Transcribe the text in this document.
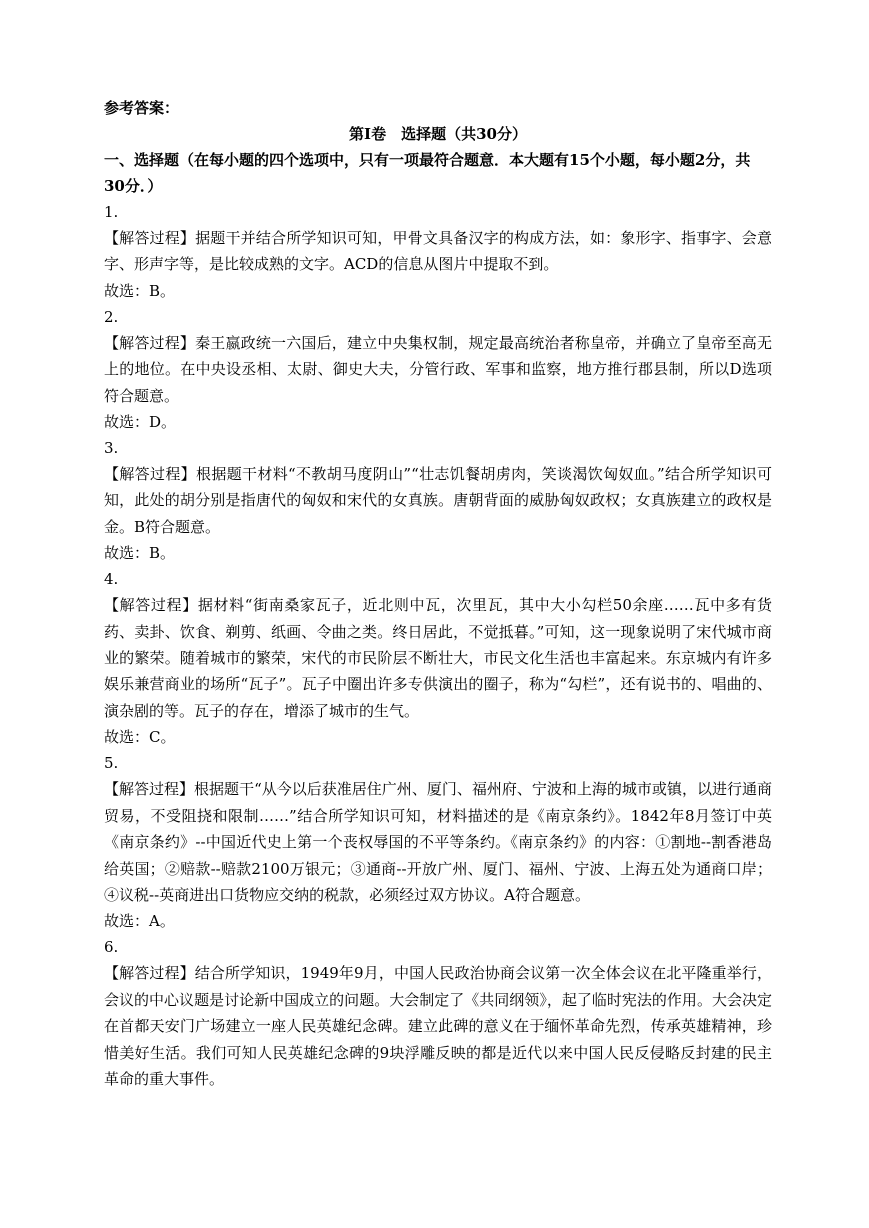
参考答案：
第Ⅰ卷　选择题（共30分）
一、选择题（在每小题的四个选项中，只有一项最符合题意．本大题有15个小题，每小题2分，共
30分．）
1.

【解答过程】据题干并结合所学知识可知，甲骨文具备汉字的构成方法，如：象形字、指事字、会意字、形声字等，是比较成熟的文字。ACD的信息从图片中提取不到。

故选：B。
2.

【解答过程】秦王嬴政统一六国后，建立中央集权制，规定最高统治者称皇帝，并确立了皇帝至高无上的地位。在中央设丞相、太尉、御史大夫，分管行政、军事和监察，地方推行郡县制，所以D选项符合题意。

故选：D。
3.

【解答过程】根据题干材料“不教胡马度阴山”“壮志饥餐胡虏肉，笑谈渴饮匈奴血。”结合所学知识可知，此处的胡分别是指唐代的匈奴和宋代的女真族。唐朝背面的威胁匈奴政权；女真族建立的政权是金。B符合题意。

故选：B。
4.

【解答过程】据材料“街南桑家瓦子，近北则中瓦，次里瓦，其中大小勾栏50余座……瓦中多有货药、卖卦、饮食、剃剪、纸画、令曲之类。终日居此，不觉抵暮。”可知，这一现象说明了宋代城市商业的繁荣。随着城市的繁荣，宋代的市民阶层不断壮大，市民文化生活也丰富起来。东京城内有许多娱乐兼营商业的场所“瓦子”。瓦子中圈出许多专供演出的圈子，称为“勾栏”，还有说书的、唱曲的、演杂剧的等。瓦子的存在，增添了城市的生气。

故选：C。
5.

【解答过程】根据题干“从今以后获准居住广州、厦门、福州府、宁波和上海的城市或镇，以进行通商贸易，不受阻挠和限制……”结合所学知识可知，材料描述的是《南京条约》。1842年8月签订中英《南京条约》--中国近代史上第一个丧权辱国的不平等条约。《南京条约》的内容：①割地--割香港岛给英国；②赔款--赔款2100万银元；③通商--开放广州、厦门、福州、宁波、上海五处为通商口岸；④议税--英商进出口货物应交纳的税款，必须经过双方协议。A符合题意。

故选：A。
6.

【解答过程】结合所学知识，1949年9月，中国人民政治协商会议第一次全体会议在北平隆重举行，会议的中心议题是讨论新中国成立的问题。大会制定了《共同纲领》，起了临时宪法的作用。大会决定在首都天安门广场建立一座人民英雄纪念碑。建立此碑的意义在于缅怀革命先烈，传承英雄精神，珍惜美好生活。我们可知人民英雄纪念碑的9块浮雕反映的都是近代以来中国人民反侵略反封建的民主革命的重大事件。
